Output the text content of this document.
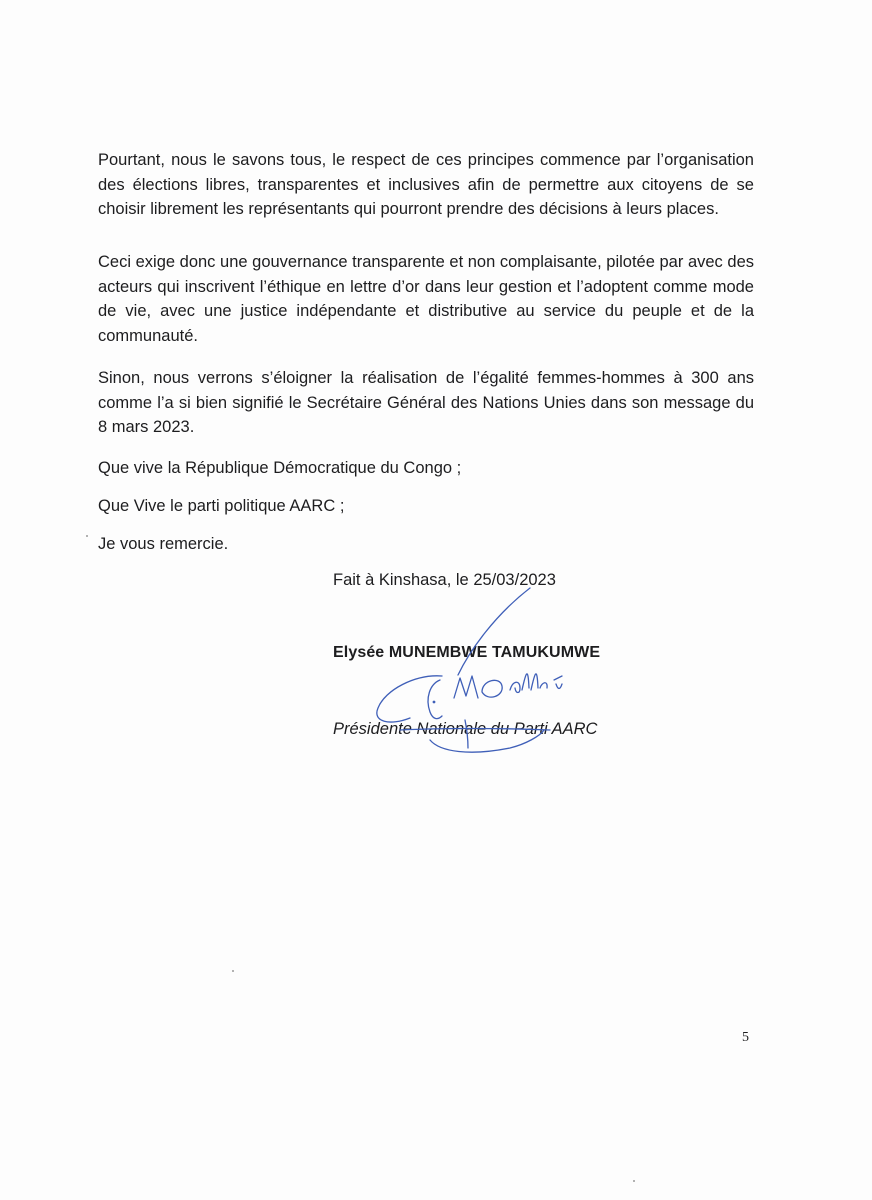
Pourtant, nous le savons tous, le respect de ces principes commence par l’organisation des élections libres, transparentes et inclusives afin de permettre aux citoyens de se choisir librement les représentants qui pourront prendre des décisions à leurs places.

Ceci exige donc une gouvernance transparente et non complaisante, pilotée par avec des acteurs qui inscrivent l’éthique en lettre d’or dans leur gestion et l’adoptent comme mode de vie, avec une justice indépendante et distributive au service du peuple et de la communauté.

Sinon, nous verrons s’éloigner la réalisation de l’égalité femmes-hommes à 300 ans comme l’a si bien signifié le Secrétaire Général des Nations Unies dans son message du 8 mars 2023.

Que vive la République Démocratique du Congo ;
Que Vive le parti politique AARC ;
Je vous remercie.
Fait à Kinshasa, le 25/03/2023
Elysée MUNEMBWE TAMUKUMWE
Présidente Nationale du Parti AARC
5
